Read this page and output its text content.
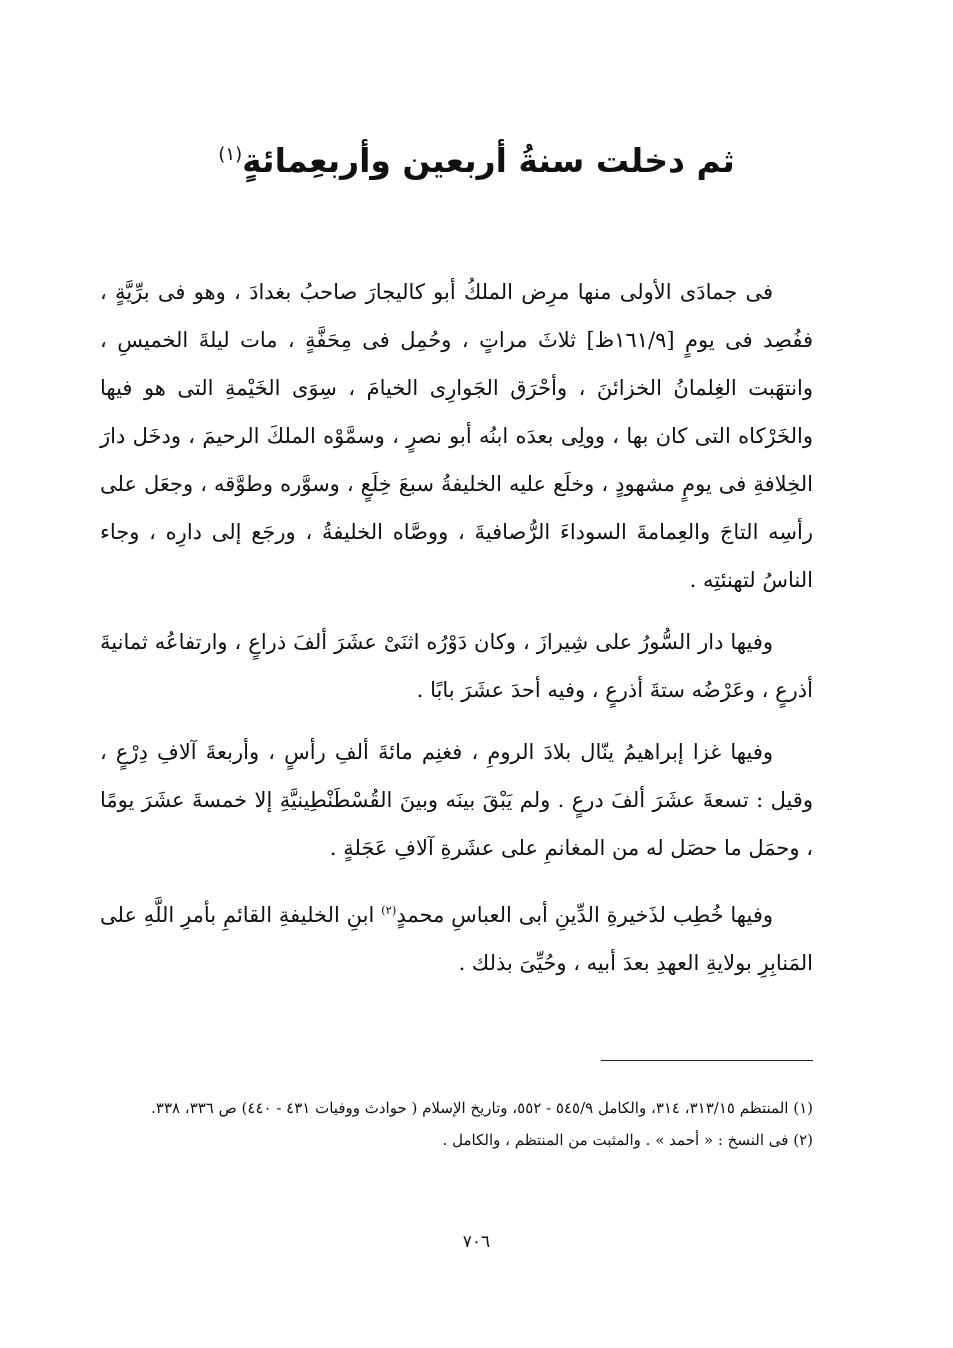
ثم دخلت سنةُ أربعين وأربعِمائةٍ$^{(١)}$

فى جمادَى الأولى منها مرِض الملكُ أبو كاليجارَ صاحبُ بغدادَ ، وهو فى برِّيَّةٍ ، ففُصِد فى يومٍ [١٦١/٩ظ] ثلاثَ مراتٍ ، وحُمِل فى مِحَفَّةٍ ، مات ليلةَ الخميسِ ، وانتهَبت الغِلمانُ الخزائنَ ، وأحْرَق الجَوارِى الخيامَ ، سِوَى الخَيْمةِ التى هو فيها والخَرْكاه التى كان بها ، وولِى بعدَه ابنُه أبو نصرٍ ، وسمَّوْه الملكَ الرحيمَ ، ودخَل دارَ الخِلافةِ فى يومٍ مشهودٍ ، وخلَع عليه الخليفةُ سبعَ خِلَعٍ ، وسوَّره وطوَّقه ، وجعَل على رأسِه التاجَ والعِمامةَ السوداءَ الرُّصافيةَ ، ووصَّاه الخليفةُ ، ورجَع إلى دارِه ، وجاء الناسُ لتهنئتِه .

وفيها دار السُّورُ على شِيرازَ ، وكان دَوْرُه اثنَىْ عشَرَ ألفَ ذراعٍ ، وارتفاعُه ثمانيةَ أذرعٍ ، وعَرْضُه ستةَ أذرعٍ ، وفيه أحدَ عشَرَ بابًا .

وفيها غزا إبراهيمُ ينّال بلادَ الرومِ ، فغنِم مائةَ ألفِ رأسٍ ، وأربعةَ آلافِ دِرْعٍ ، وقيل : تسعةَ عشَرَ ألفَ درعٍ . ولم يَبْقَ بينَه وبينَ القُسْطَنْطِينيَّةِ إلا خمسةَ عشَرَ يومًا ، وحمَل ما حصَل له من المغانمِ على عشَرةِ آلافِ عَجَلةٍ .

وفيها خُطِب لذَخيرةِ الدِّينِ أبى العباسِ محمدٍ$^{(٢)}$ ابنِ الخليفةِ القائمِ بأمرِ اللَّهِ على المَنابِرِ بولايةِ العهدِ بعدَ أبيه ، وحُيِّىَ بذلك .

(١) المنتظم ٣١٣/١٥، ٣١٤، والكامل ٥٤٥/٩ - ٥٥٢، وتاريخ الإسلام ( حوادث ووفيات ٤٣١ - ٤٤٠) ص ٣٣٦، ٣٣٨.

(٢) فى النسخ : « أحمد » . والمثبت من المنتظم ، والكامل .

٧٠٦
